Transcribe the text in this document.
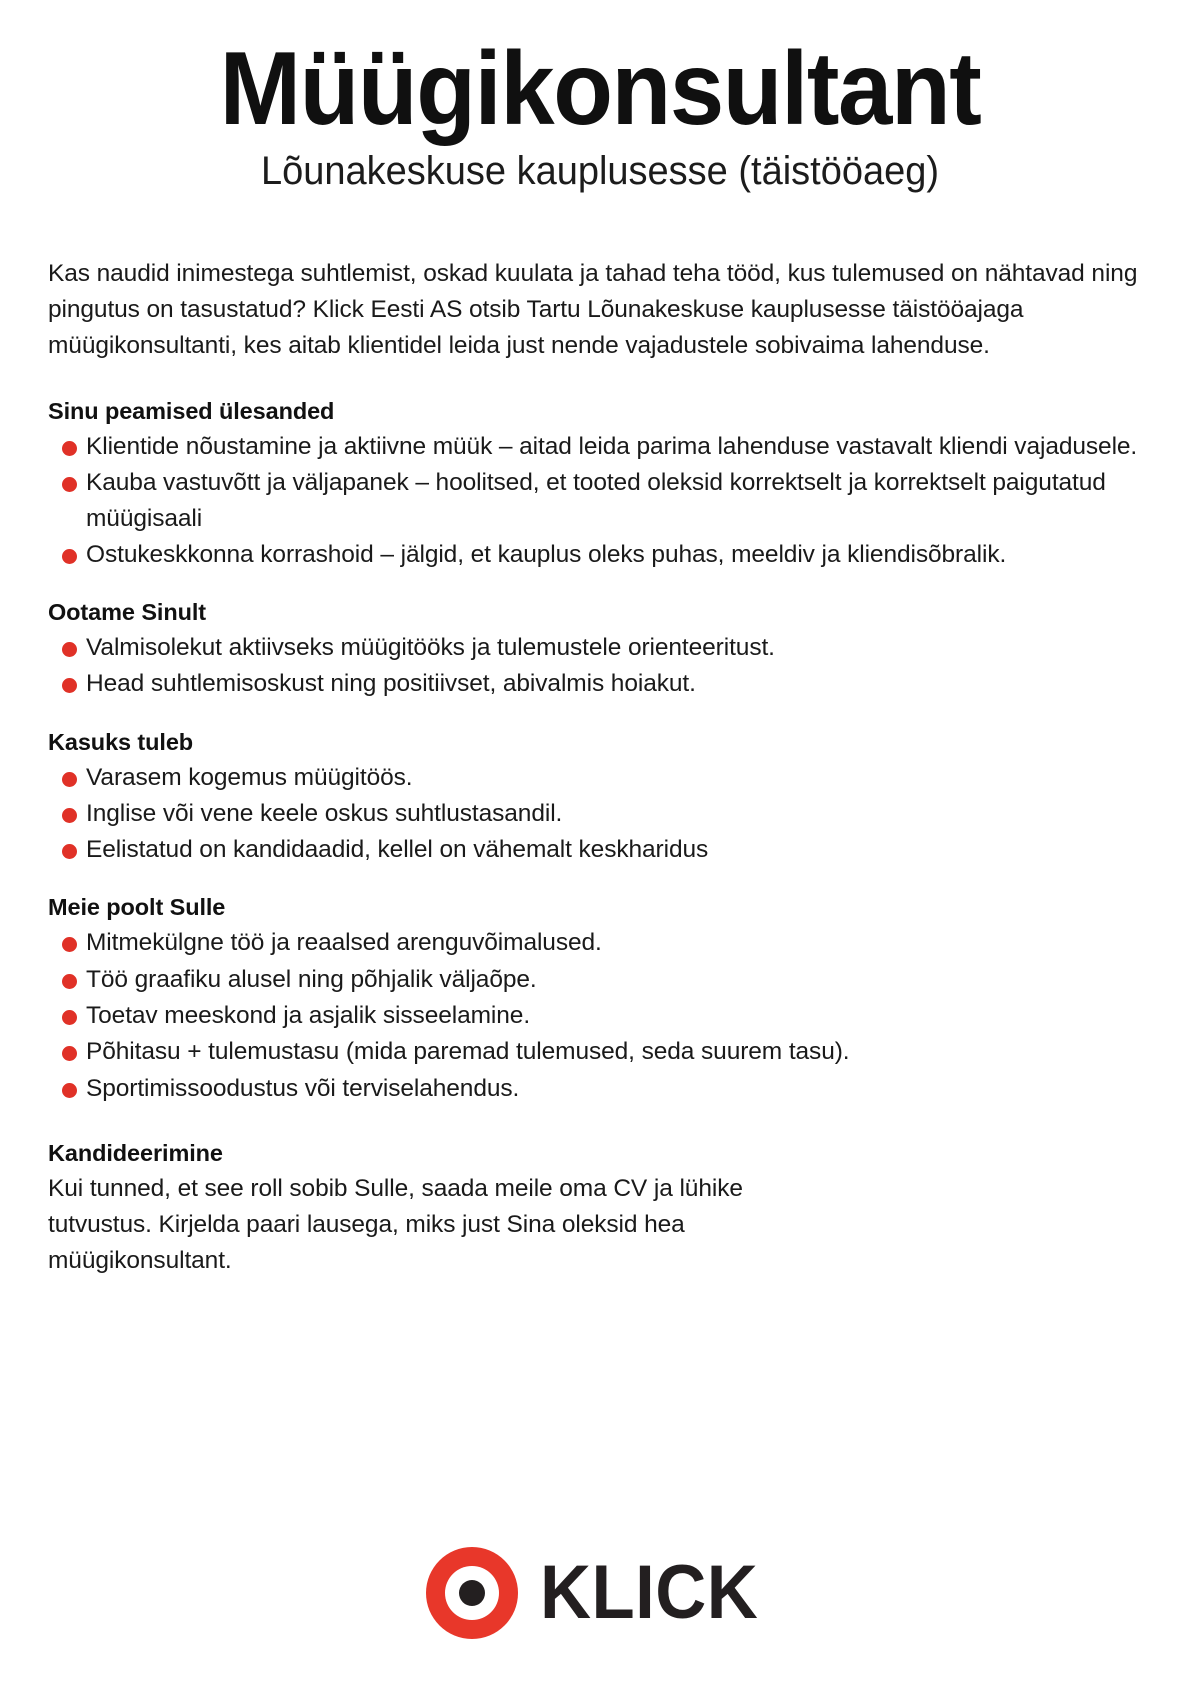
Müügikonsultant
Lõunakeskuse kauplusesse (täistööaeg)

Kas naudid inimestega suhtlemist, oskad kuulata ja tahad teha tööd, kus tulemused on nähtavad ning pingutus on tasustatud? Klick Eesti AS otsib Tartu Lõunakeskuse kauplusesse täistööajaga müügikonsultanti, kes aitab klientidel leida just nende vajadustele sobivaima lahenduse.

Sinu peamised ülesanded
Klientide nõustamine ja aktiivne müük – aitad leida parima lahenduse vastavalt kliendi vajadusele.
Kauba vastuvõtt ja väljapanek – hoolitsed, et tooted oleksid korrektselt ja korrektselt paigutatud müügisaali
Ostukeskkonna korrashoid – jälgid, et kauplus oleks puhas, meeldiv ja kliendisõbralik.
Ootame Sinult
Valmisolekut aktiivseks müügitööks ja tulemustele orienteeritust.
Head suhtlemisoskust ning positiivset, abivalmis hoiakut.
Kasuks tuleb
Varasem kogemus müügitöös.
Inglise või vene keele oskus suhtlustasandil.
Eelistatud on kandidaadid, kellel on vähemalt keskharidus
Meie poolt Sulle
Mitmekülgne töö ja reaalsed arenguvõimalused.
Töö graafiku alusel ning põhjalik väljaõpe.
Toetav meeskond ja asjalik sisseelamine.
Põhitasu + tulemustasu (mida paremad tulemused, seda suurem tasu).
Sportimissoodustus või terviselahendus.
Kandideerimine

Kui tunned, et see roll sobib Sulle, saada meile oma CV ja lühike tutvustus. Kirjelda paari lausega, miks just Sina oleksid hea müügikonsultant.

KLICK
